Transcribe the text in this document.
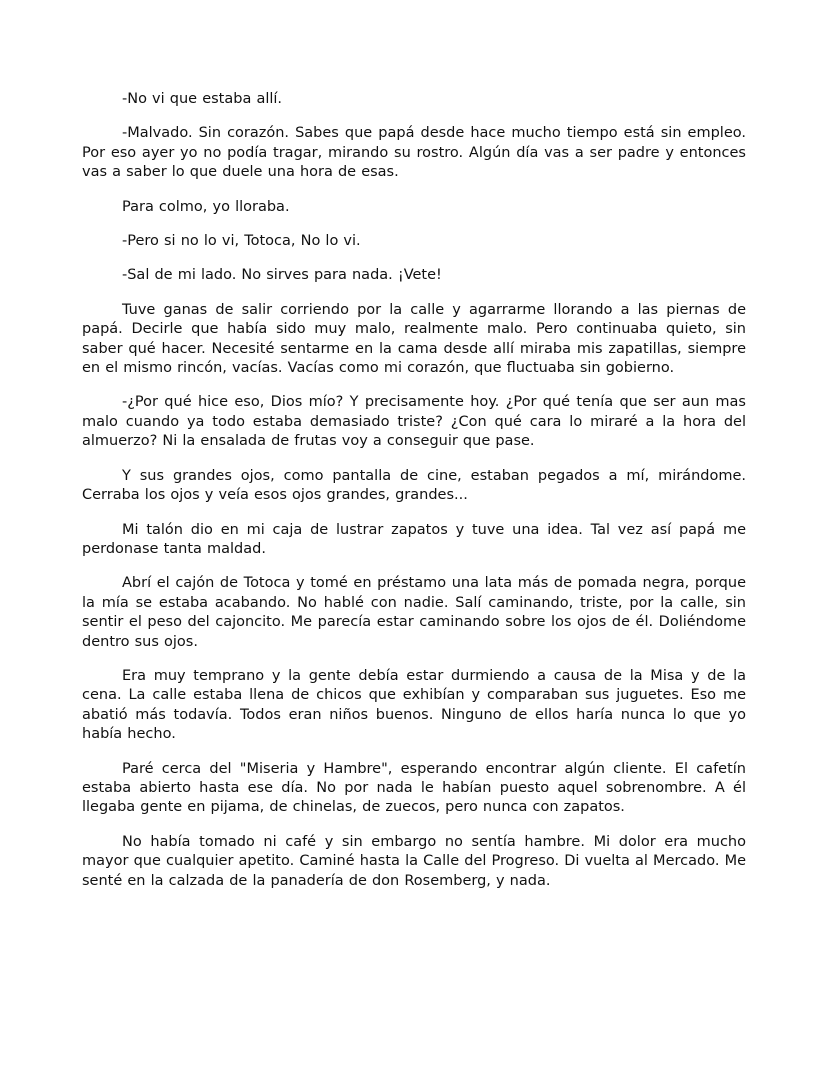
-No vi que estaba allí.

-Malvado. Sin corazón. Sabes que papá desde hace mucho tiempo está sin empleo. Por eso ayer yo no podía tragar, mirando su rostro. Algún día vas a ser padre y entonces vas a saber lo que duele una hora de esas.

Para colmo, yo lloraba.

-Pero si no lo vi, Totoca, No lo vi.

-Sal de mi lado. No sirves para nada. ¡Vete!

Tuve ganas de salir corriendo por la calle y agarrarme llorando a las piernas de papá. Decirle que había sido muy malo, realmente malo. Pero continuaba quieto, sin saber qué hacer. Necesité sentarme en la cama desde allí miraba mis zapatillas, siempre en el mismo rincón, vacías. Vacías como mi corazón, que fluctuaba sin gobierno.

-¿Por qué hice eso, Dios mío? Y precisamente hoy. ¿Por qué tenía que ser aun mas malo cuando ya todo estaba demasiado triste? ¿Con qué cara lo miraré a la hora del almuerzo? Ni la ensalada de frutas voy a conseguir que pase.

Y sus grandes ojos, como pantalla de cine, estaban pegados a mí, mirándome. Cerraba los ojos y veía esos ojos grandes, grandes...

Mi talón dio en mi caja de lustrar zapatos y tuve una idea. Tal vez así papá me perdonase tanta maldad.

Abrí el cajón de Totoca y tomé en préstamo una lata más de pomada negra, porque la mía se estaba acabando. No hablé con nadie. Salí caminando, triste, por la calle, sin sentir el peso del cajoncito. Me parecía estar caminando sobre los ojos de él. Doliéndome dentro sus ojos.

Era muy temprano y la gente debía estar durmiendo a causa de la Misa y de la cena. La calle estaba llena de chicos que exhibían y comparaban sus juguetes. Eso me abatió más todavía. Todos eran niños buenos. Ninguno de ellos haría nunca lo que yo había hecho.

Paré cerca del "Miseria y Hambre", esperando encontrar algún cliente. El cafetín estaba abierto hasta ese día. No por nada le habían puesto aquel sobrenombre. A él llegaba gente en pijama, de chinelas, de zuecos, pero nunca con zapatos.

No había tomado ni café y sin embargo no sentía hambre. Mi dolor era mucho mayor que cualquier apetito. Caminé hasta la Calle del Progreso. Di vuelta al Mercado. Me senté en la calzada de la panadería de don Rosemberg, y nada.
